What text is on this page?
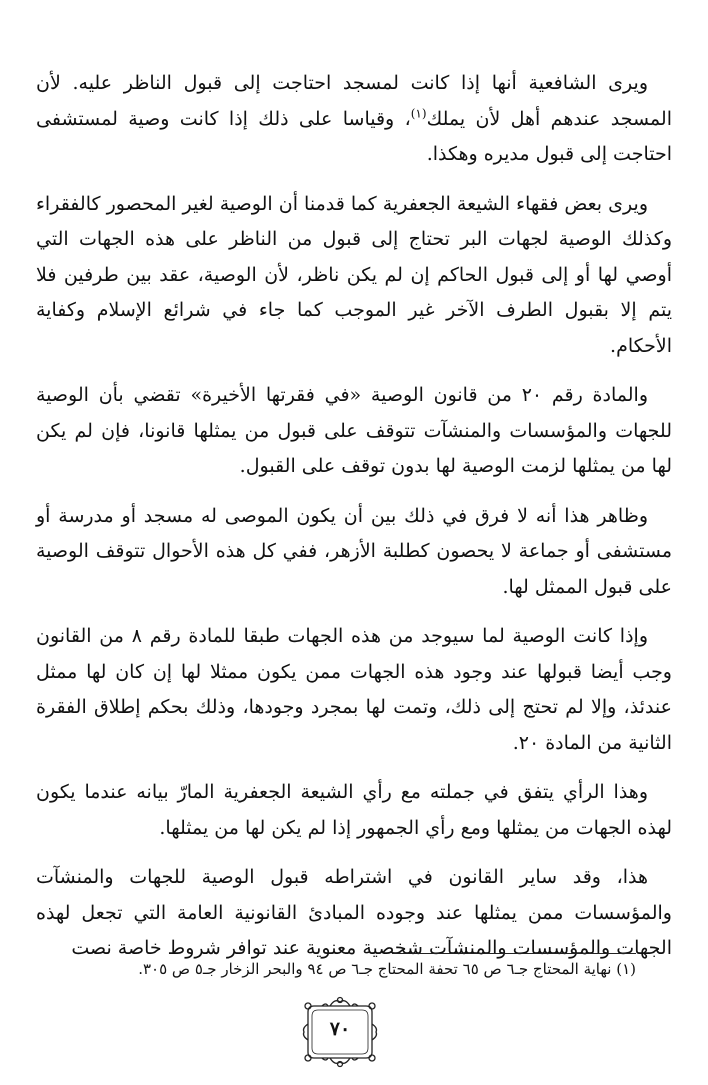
ويرى الشافعية أنها إذا كانت لمسجد احتاجت إلى قبول الناظر عليه. لأن المسجد عندهم أهل لأن يملك$^{(١)}$، وقياسا على ذلك إذا كانت وصية لمستشفى احتاجت إلى قبول مديره وهكذا.

ويرى بعض فقهاء الشيعة الجعفرية كما قدمنا أن الوصية لغير المحصور كالفقراء وكذلك الوصية لجهات البر تحتاج إلى قبول من الناظر على هذه الجهات التي أوصي لها أو إلى قبول الحاكم إن لم يكن ناظر، لأن الوصية، عقد بين طرفين فلا يتم إلا بقبول الطرف الآخر غير الموجب كما جاء في شرائع الإسلام وكفاية الأحكام.

والمادة رقم ٢٠ من قانون الوصية «في فقرتها الأخيرة» تقضي بأن الوصية للجهات والمؤسسات والمنشآت تتوقف على قبول من يمثلها قانونا، فإن لم يكن لها من يمثلها لزمت الوصية لها بدون توقف على القبول.

وظاهر هذا أنه لا فرق في ذلك بين أن يكون الموصى له مسجد أو مدرسة أو مستشفى أو جماعة لا يحصون كطلبة الأزهر، ففي كل هذه الأحوال تتوقف الوصية على قبول الممثل لها.

وإذا كانت الوصية لما سيوجد من هذه الجهات طبقا للمادة رقم ٨ من القانون وجب أيضا قبولها عند وجود هذه الجهات ممن يكون ممثلا لها إن كان لها ممثل عندئذ، وإلا لم تحتج إلى ذلك، وتمت لها بمجرد وجودها، وذلك بحكم إطلاق الفقرة الثانية من المادة ٢٠.

وهذا الرأي يتفق في جملته مع رأي الشيعة الجعفرية المارّ بيانه عندما يكون لهذه الجهات من يمثلها ومع رأي الجمهور إذا لم يكن لها من يمثلها.

هذا، وقد ساير القانون في اشتراطه قبول الوصية للجهات والمنشآت والمؤسسات ممن يمثلها عند وجوده المبادئ القانونية العامة التي تجعل لهذه الجهات والمؤسسات والمنشآت شخصية معنوية عند توافر شروط خاصة نصت

(١) نهاية المحتاج جـ٦ ص ٦٥ تحفة المحتاج جـ٦ ص ٩٤ والبحر الزخار جـ٥ ص ٣٠٥.
٧٠
